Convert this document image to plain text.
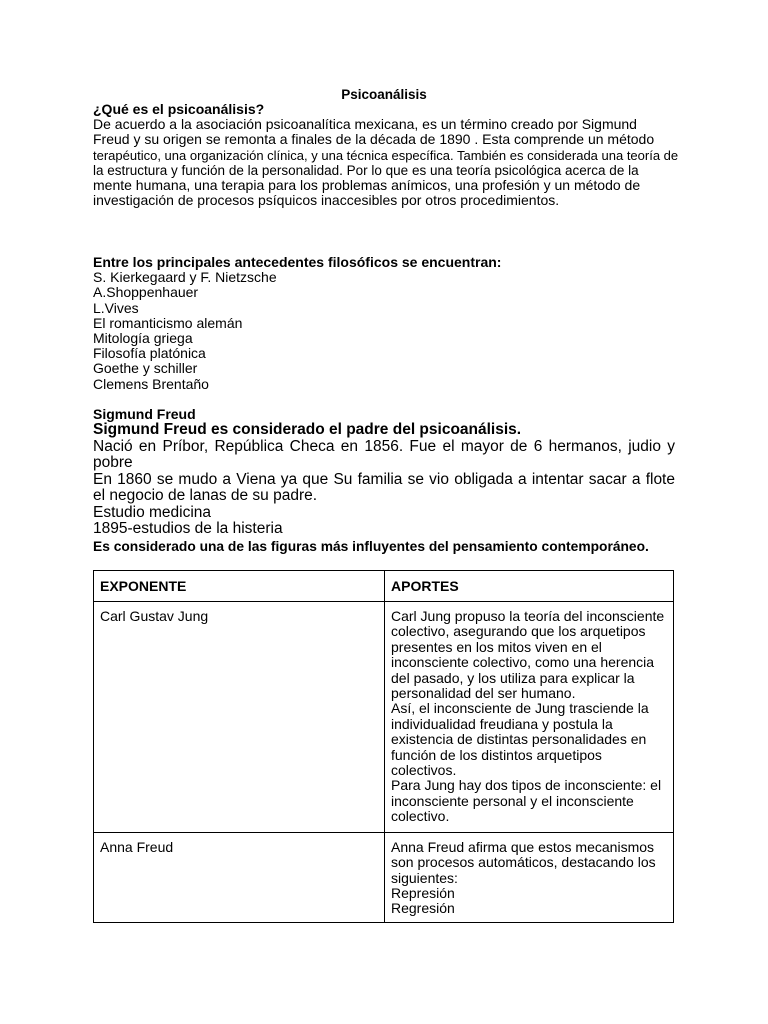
Psicoanálisis
¿Qué es el psicoanálisis?
De acuerdo a la asociación psicoanalítica mexicana, es un término creado por Sigmund
Freud y su origen se remonta a finales de la década de 1890 . Esta comprende un método
terapéutico, una organización clínica, y una técnica específica. También es considerada una teoría de
la estructura y función de la personalidad. Por lo que es una teoría psicológica acerca de la
mente humana, una terapia para los problemas anímicos, una profesión y un método de
investigación de procesos psíquicos inaccesibles por otros procedimientos.
Entre los principales antecedentes filosóficos se encuentran:
S. Kierkegaard y F. Nietzsche
A.Shoppenhauer
L.Vives
El romanticismo alemán
Mitología griega
Filosofía platónica
Goethe y schiller
Clemens Brentaño
Sigmund Freud
Sigmund Freud es considerado el padre del psicoanálisis.
Nació en Príbor, República Checa en 1856. Fue el mayor de 6 hermanos, judio y pobre
En 1860 se mudo a Viena ya que Su familia se vio obligada a intentar sacar a flote el negocio de lanas de su padre.
Estudio medicina
1895-estudios de la histeria
Es considerado una de las figuras más influyentes del pensamiento contemporáneo.
EXPONENTE	APORTES
Carl Gustav Jung	Carl Jung propuso la teoría del inconsciente colectivo, asegurando que los arquetipos presentes en los mitos viven en el inconsciente colectivo, como una herencia del pasado, y los utiliza para explicar la personalidad del ser humano.
Así, el inconsciente de Jung trasciende la individualidad freudiana y postula la existencia de distintas personalidades en función de los distintos arquetipos colectivos.
Para Jung hay dos tipos de inconsciente: el inconsciente personal y el inconsciente colectivo.

Anna Freud	Anna Freud afirma que estos mecanismos son procesos automáticos, destacando los siguientes:
Represión
Regresión
